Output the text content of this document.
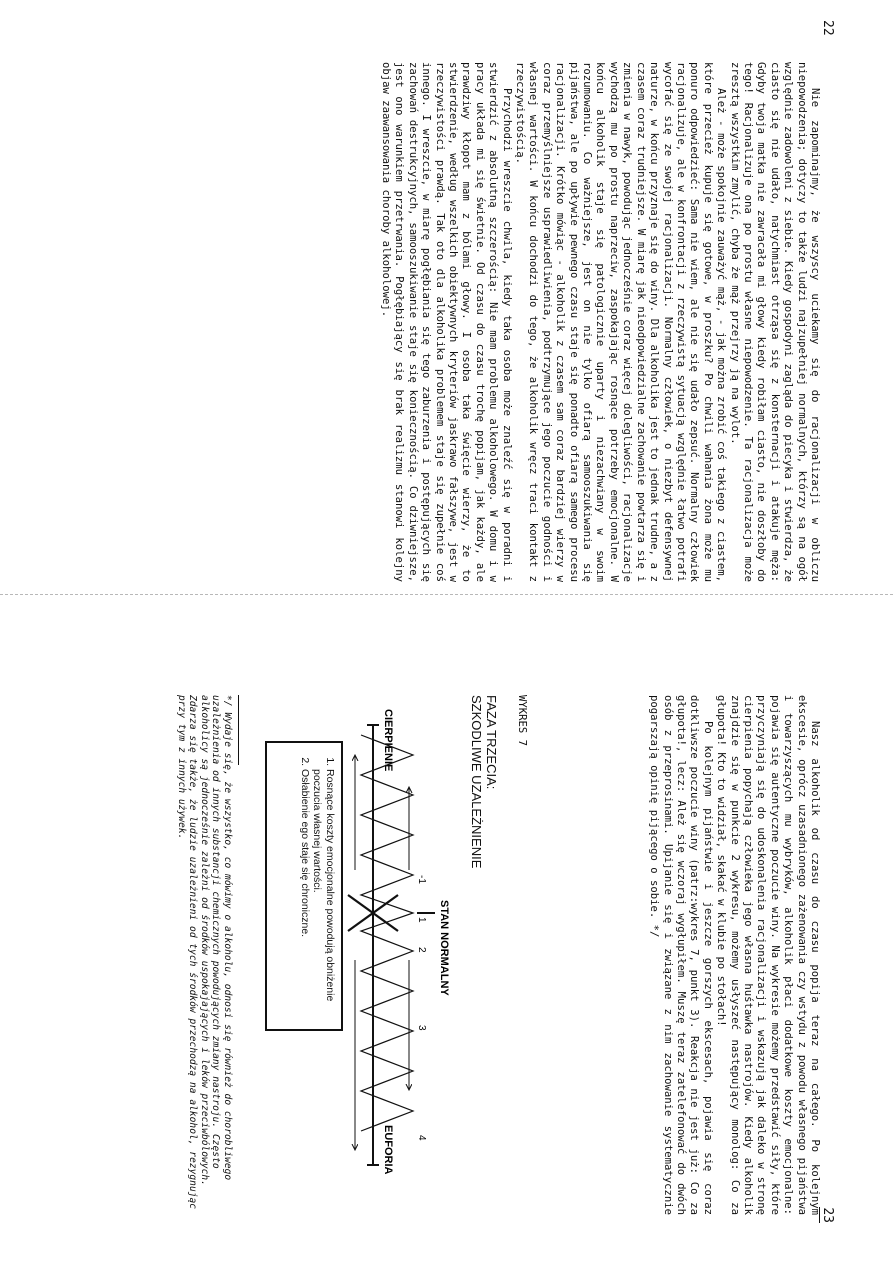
22

Nie zapominajmy, że wszyscy uciekamy się do racjonalizacji w obliczu niepowodzenia; dotyczy to także ludzi najzupełniej normalnych, którzy są na ogół względnie zadowoleni z siebie. Kiedy gospodyni zagląda do piecyka i stwierdza, że ciasto się nie udało, natychmiast otrząsa się z konsternacji i atakuje męża: Gdyby twoja matka nie zawracała mi głowy kiedy robiłam ciasto, nie doszłoby do tego! Racjonalizuje ona po prostu własne niepowodzenie. Ta racjonalizacja może zresztą wszystkim zmylić, chyba że mąż przejrzy ją na wylot.

Ależ - może spokojnie zauważyć mąż, - jak można zrobić coś takiego z ciastem, które przecież kupuje się gotowe, w proszku? Po chwili wahania żona może mu ponuro odpowiedzieć: Sama nie wiem, ale nie się udało zepsuć. Normalny człowiek racjonalizuje, ale w konfrontacji z rzeczywistą sytuacją względnie łatwo potrafi wycofać się ze swojej racjonalizacji. Normalny człowiek, o niezbyt defensywnej naturze, w końcu przyznaje się do winy. Dla alkoholika jest to jednak trudne, a z czasem coraz trudniejsze. W miarę jak nieodpowiedzialne zachowanie powtarza się i zmienia w nawyk, powodując jednocześnie coraz więcej dolegliwości, racjonalizacje wychodzą mu po prostu naprzeciw, zaspokajając rosnące potrzeby emocjonalne. W końcu alkoholik staje się patologicznie uparty i niezachwiany w swoim rozumowaniu. Co ważniejsze, jest on nie tylko ofiarą samooszukiwania się pijaństwa, ale po upływie pewnego czasu staje się ponadto ofiarą samego procesu racjonalizacji. Krótko mówiąc - alkoholik z czasem sam coraz bardziej wierzy w coraz przemyślniejsze usprawiedliwienia, podtrzymujące jego poczucie godności i własnej wartości. W końcu dochodzi do tego, że alkoholik wręcz traci kontakt z rzeczywistością.

Przychodzi wreszcie chwila, kiedy taka osoba może znaleźć się w poradni i stwierdzić z absolutną szczerością: Nie mam problemu alkoholowego. W domu i w pracy układa mi się świetnie. Od czasu do czasu trochę popijam, jak każdy, ale prawdziwy kłopot mam z bólami głowy. I osoba taka święcie wierzy, że to stwierdzenie, według wszelkich obiektywnych kryteriów jaskrawo fałszywe, jest w rzeczywistości prawdą. Tak oto dla alkoholika problemem staje się zupełnie coś innego. I wreszcie, w miarę pogłębiania się tego zaburzenia i postępujących się zachowań destrukcyjnych, samooszukiwanie staje się koniecznością. Co dziwniejsze, jest ono warunkiem przetrwania. Pogłębiający się brak realizmu stanowi kolejny objaw zaawansowania choroby alkoholowej.

23

Nasz alkoholik od czasu do czasu popija teraz na całego. Po kolejnym ekscesie, oprócz uzasadnionego zażenowania czy wstydu z powodu własnego pijaństwa i towarzyszących mu wybryków, alkoholik płaci dodatkowe koszty emocjonalne: pojawia się autentyczne poczucie winy. Na wykresie możemy przedstawić siły, które przyczyniają się do udoskonalenia racjonalizacji i wskazują jak daleko w stronę cierpienia popychają człowieka jego własna huśtawka nastrojów. Kiedy alkoholik znajdzie się w punkcie 2 wykresu, możemy usłyszeć następujący monolog: Co za głupota! Kto to widział, skakać w klubie po stołach!

Po kolejnym pijaństwie i jeszcze gorszych ekscesach, pojawia się coraz dotkliwsze poczucie winy (patrz:wykres 7, punkt 3). Reakcja nie jest już: Co za głupota!, lecz: Ależ się wczoraj wygłupiłem. Muszę teraz zatelefonować do dwóch osób z przeprosinami. Upijanie się i związane z nim zachowanie systematycznie pogarszają opinię pijącego o sobie. */

WYKRES 7
FAZA TRZECIA:
SZKODLIWE UZALEŻNIENIE
STAN NORMALNY
CIERPIENIE
EUFORIA
-1
1
2
3
4
1. Rosnące koszty emocjonalne powodują obniżenie poczucia własnej wartości.
2. Osłabienie ego staje się chroniczne.
*/ Wydaje się, że wszystko, co mówimy o alkoholu, odnosi się również do chorobliwego uzależnienia od innych substancji chemicznych powodujących zmiany nastroju. Często alkoholicy są jednocześnie zależni od środków uspokajających i leków przeciwbólowych. Zdarza się także, że ludzie uzależnieni od tych środków przechodzą na alkohol, rezygnując przy tym z innych używek.
